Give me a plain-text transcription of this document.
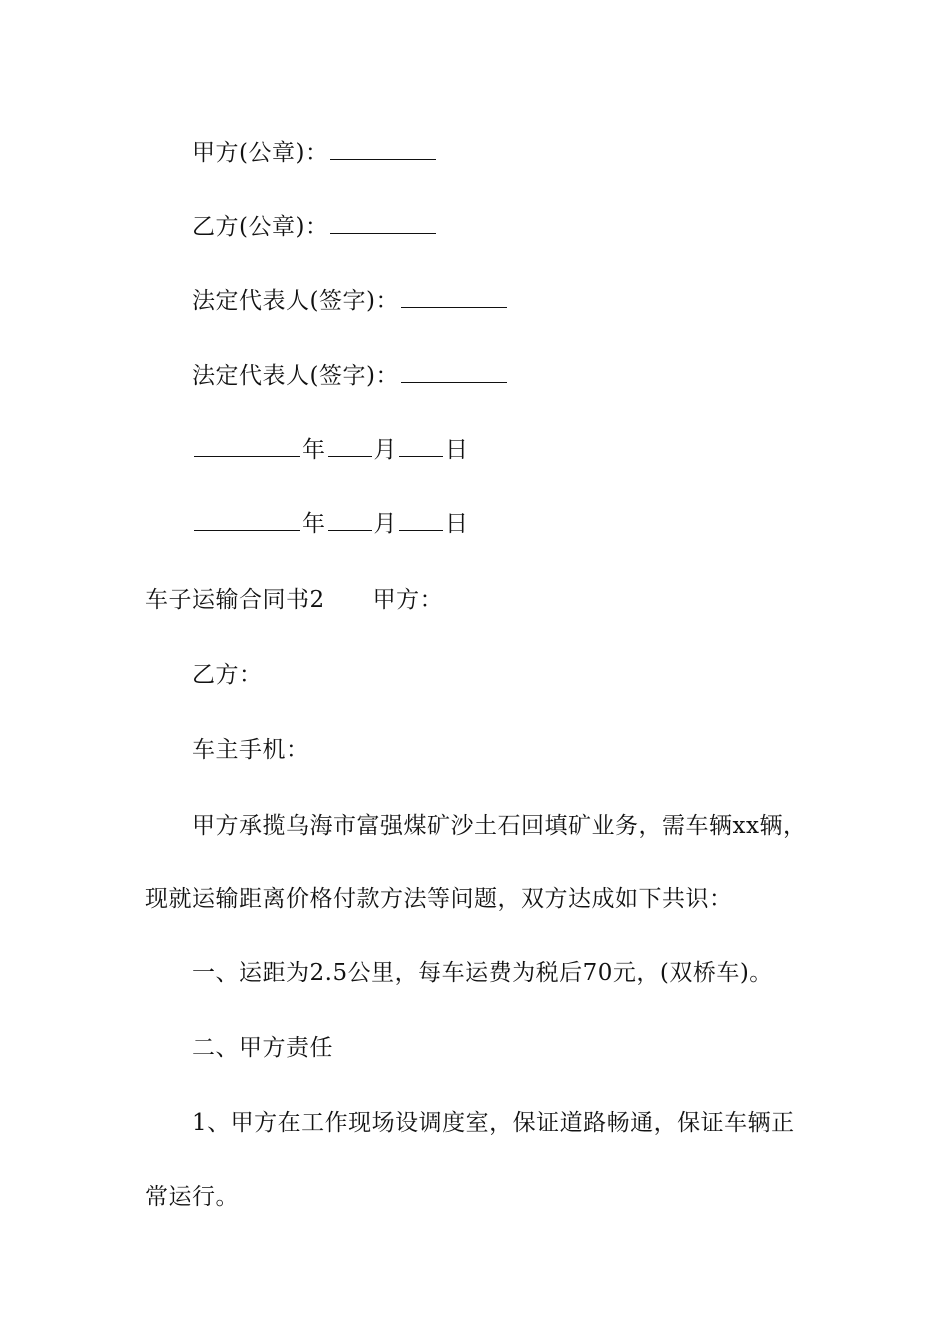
甲方(公章)：
乙方(公章)：
法定代表人(签字)：
法定代表人(签字)：
年 月 日
年 月 日
车子运输合同书2 甲方：
乙方：
车主手机：
甲方承揽乌海市富强煤矿沙土石回填矿业务，需车辆xx辆，
现就运输距离价格付款方法等问题，双方达成如下共识：
一、运距为2.5公里，每车运费为税后70元，(双桥车)。
二、甲方责任
1、甲方在工作现场设调度室，保证道路畅通，保证车辆正
常运行。
